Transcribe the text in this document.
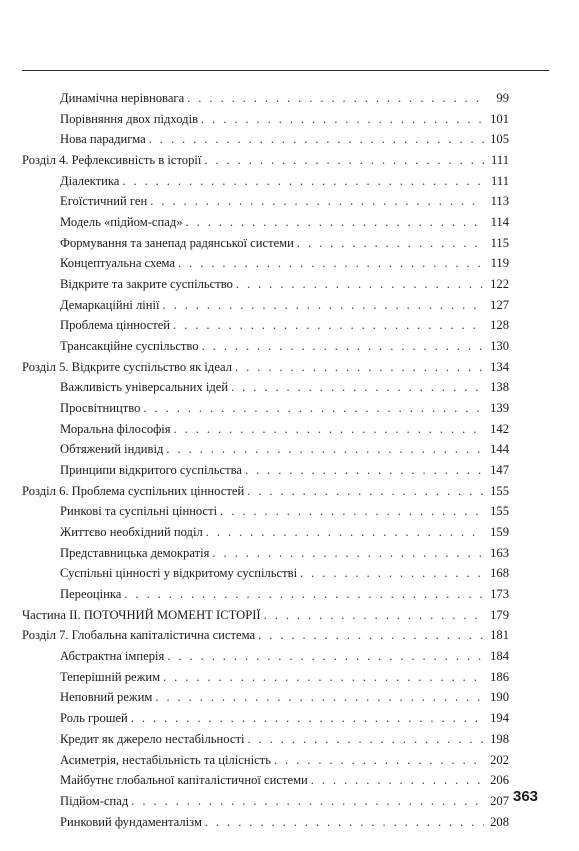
Динамічна нерівновага . . .	99
Порівняння двох підходів . . .	101
Нова парадигма . . .	105
Розділ 4. Рефлексивність в історії . . .	111
Діалектика . . .	111
Егоїстичний ген . . .	113
Модель «підйом-спад» . . .	114
Формування та занепад радянської системи . . .	115
Концептуальна схема . . .	119
Відкрите та закрите суспільство . . .	122
Демаркаційні лінії . . .	127
Проблема цінностей . . .	128
Трансакційне суспільство . . .	130
Розділ 5. Відкрите суспільство як ідеал . . .	134
Важливість універсальних ідей . . .	138
Просвітництво . . .	139
Моральна філософія . . .	142
Обтяжений індивід . . .	144
Принципи відкритого суспільства . . .	147
Розділ 6. Проблема суспільних цінностей . . .	155
Ринкові та суспільні цінності . . .	155
Життєво необхідний поділ . . .	159
Представницька демократія . . .	163
Суспільні цінності у відкритому суспільстві . . .	168
Переоцінка . . .	173
Частина II. ПОТОЧНИЙ МОМЕНТ ІСТОРІЇ . . .	179
Розділ 7. Глобальна капіталістична система . . .	181
Абстрактна імперія . . .	184
Теперішній режим . . .	186
Неповний режим . . .	190
Роль грошей . . .	194
Кредит як джерело нестабільності . . .	198
Асиметрія, нестабільність та цілісність . . .	202
Майбутнє глобальної капіталістичної системи . . .	206
Підйом-спад . . .	207
Ринковий фундаменталізм . . .	208
363
